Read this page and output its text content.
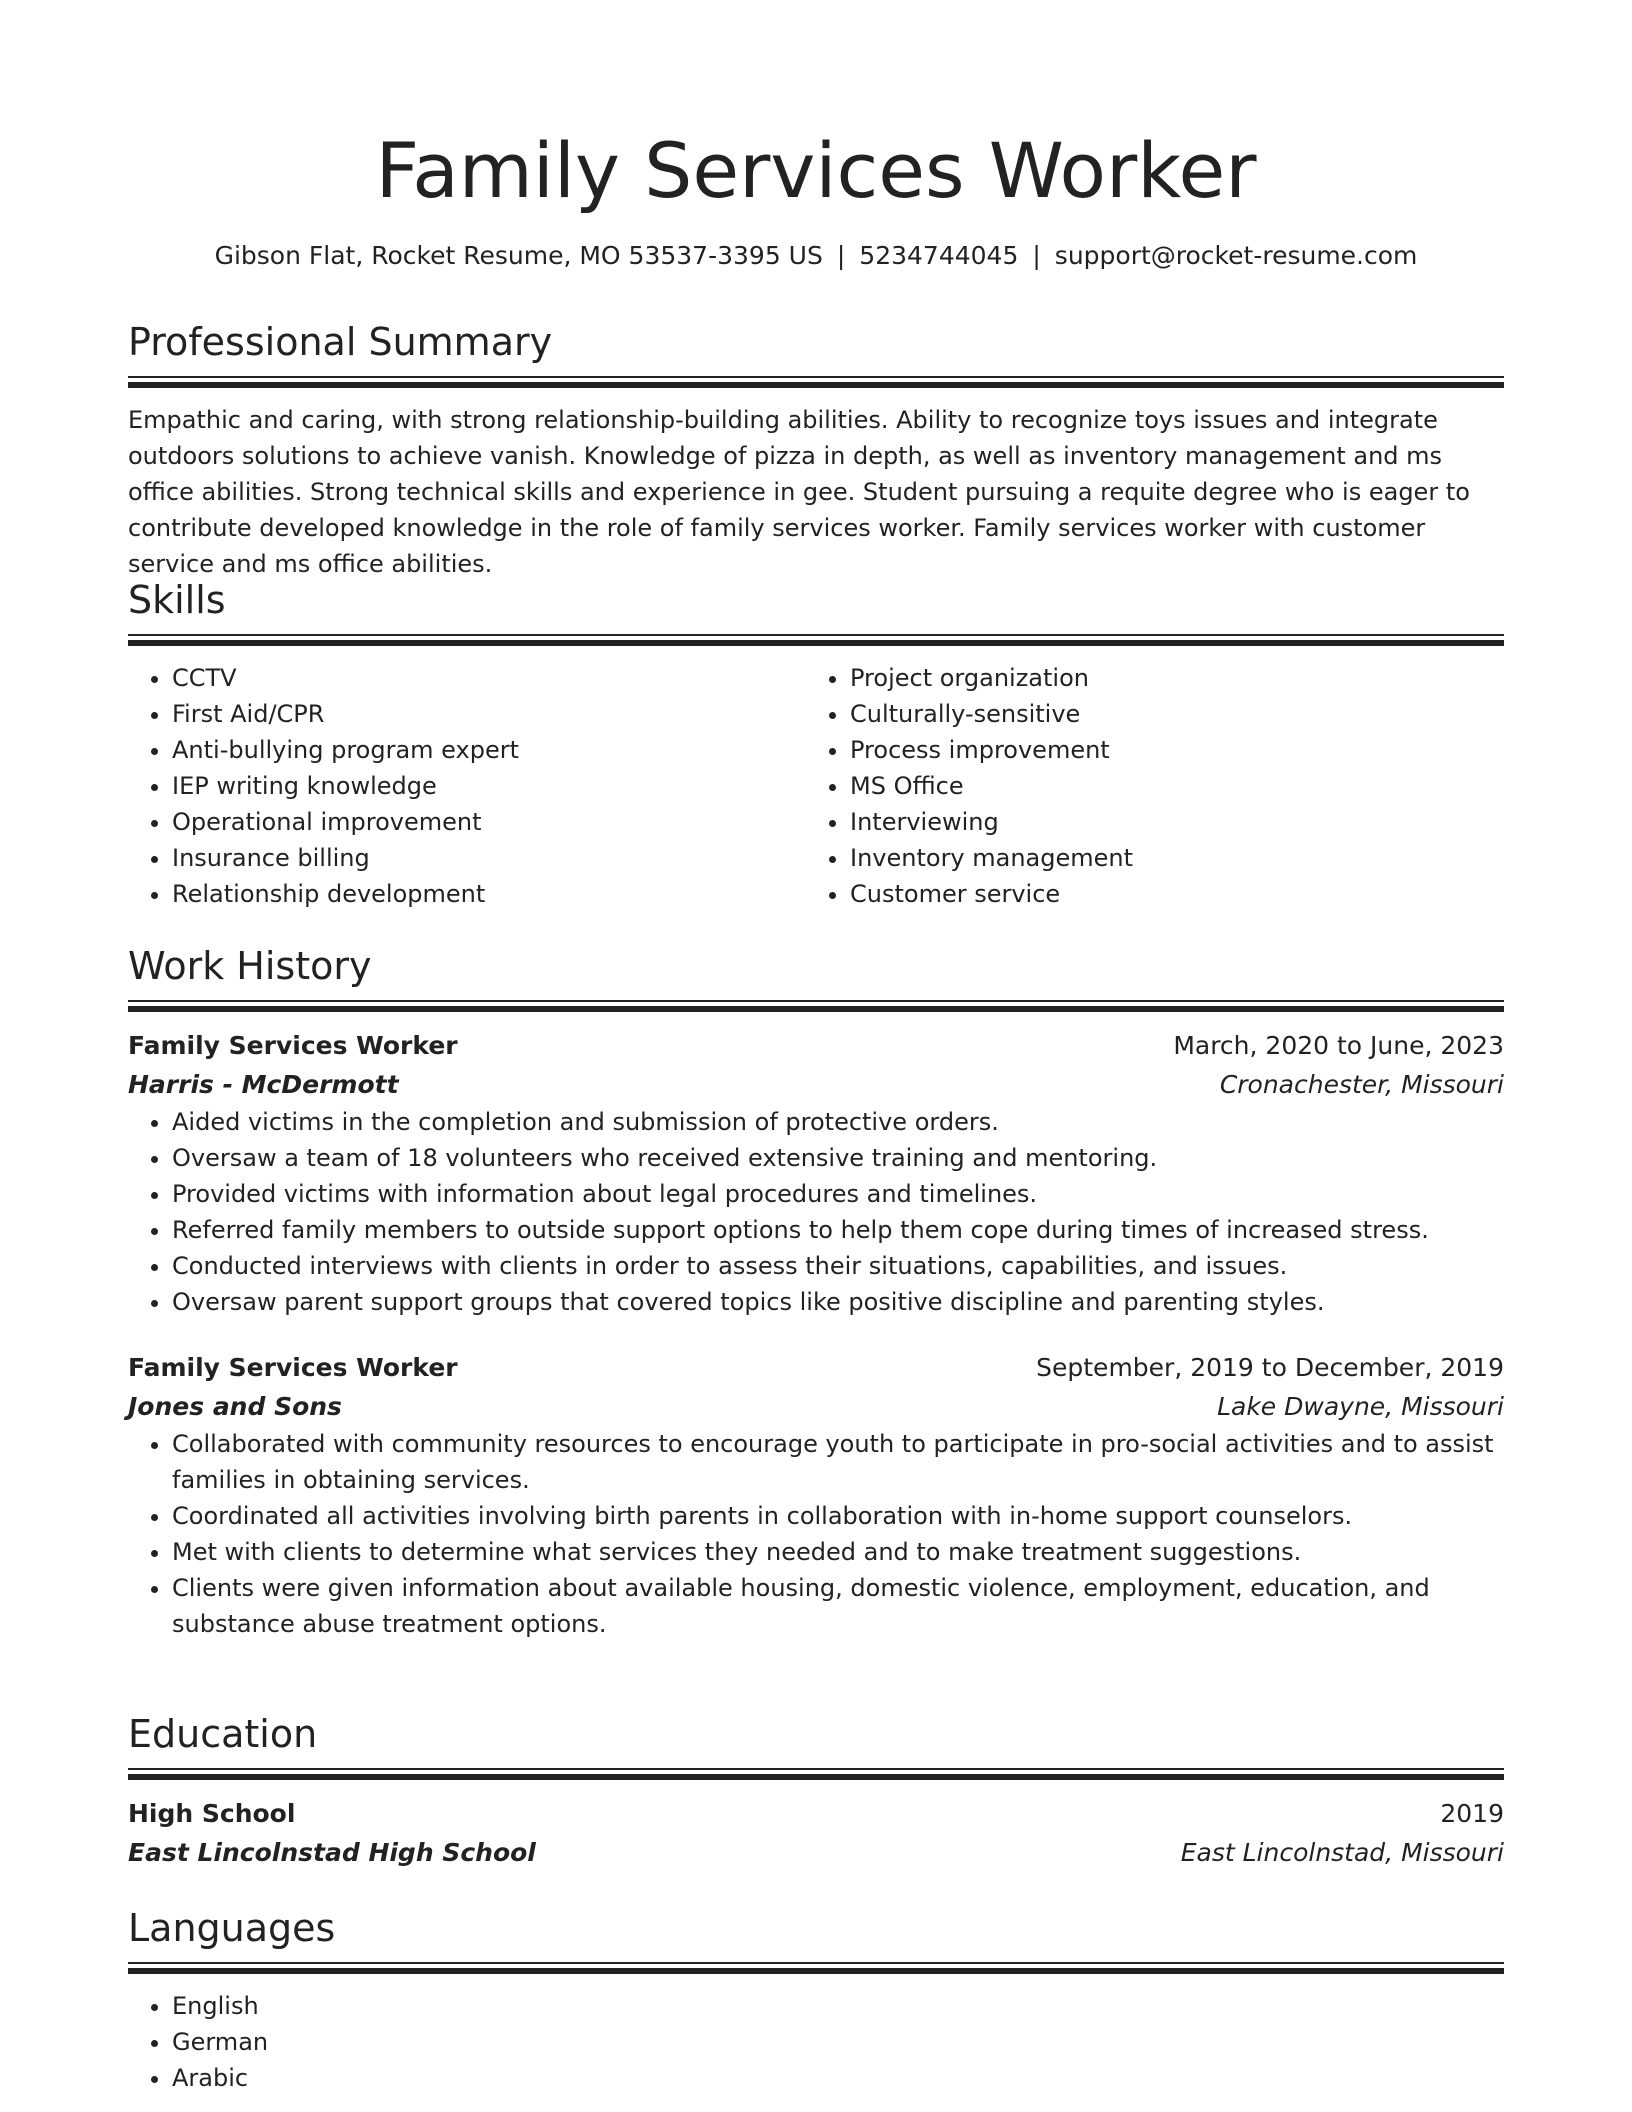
Family Services Worker
Gibson Flat, Rocket Resume, MO 53537-3395 US | 5234744045 | support@rocket-resume.com
Professional Summary

Empathic and caring, with strong relationship-building abilities. Ability to recognize toys issues and integrate outdoors solutions to achieve vanish. Knowledge of pizza in depth, as well as inventory management and ms office abilities. Strong technical skills and experience in gee. Student pursuing a requite degree who is eager to contribute developed knowledge in the role of family services worker. Family services worker with customer service and ms office abilities.

Skills
• CCTV
• First Aid/CPR
• Anti-bullying program expert
• IEP writing knowledge
• Operational improvement
• Insurance billing
• Relationship development
• Project organization
• Culturally-sensitive
• Process improvement
• MS Office
• Interviewing
• Inventory management
• Customer service
Work History
Family Services Worker	March, 2020 to June, 2023
Harris - McDermott	Cronachester, Missouri
• Aided victims in the completion and submission of protective orders.
• Oversaw a team of 18 volunteers who received extensive training and mentoring.
• Provided victims with information about legal procedures and timelines.
• Referred family members to outside support options to help them cope during times of increased stress.
• Conducted interviews with clients in order to assess their situations, capabilities, and issues.
• Oversaw parent support groups that covered topics like positive discipline and parenting styles.
Family Services Worker	September, 2019 to December, 2019
Jones and Sons	Lake Dwayne, Missouri
• Collaborated with community resources to encourage youth to participate in pro-social activities and to assist families in obtaining services.
• Coordinated all activities involving birth parents in collaboration with in-home support counselors.
• Met with clients to determine what services they needed and to make treatment suggestions.
• Clients were given information about available housing, domestic violence, employment, education, and substance abuse treatment options.
Education
High School	2019
East Lincolnstad High School	East Lincolnstad, Missouri
Languages
• English
• German
• Arabic
